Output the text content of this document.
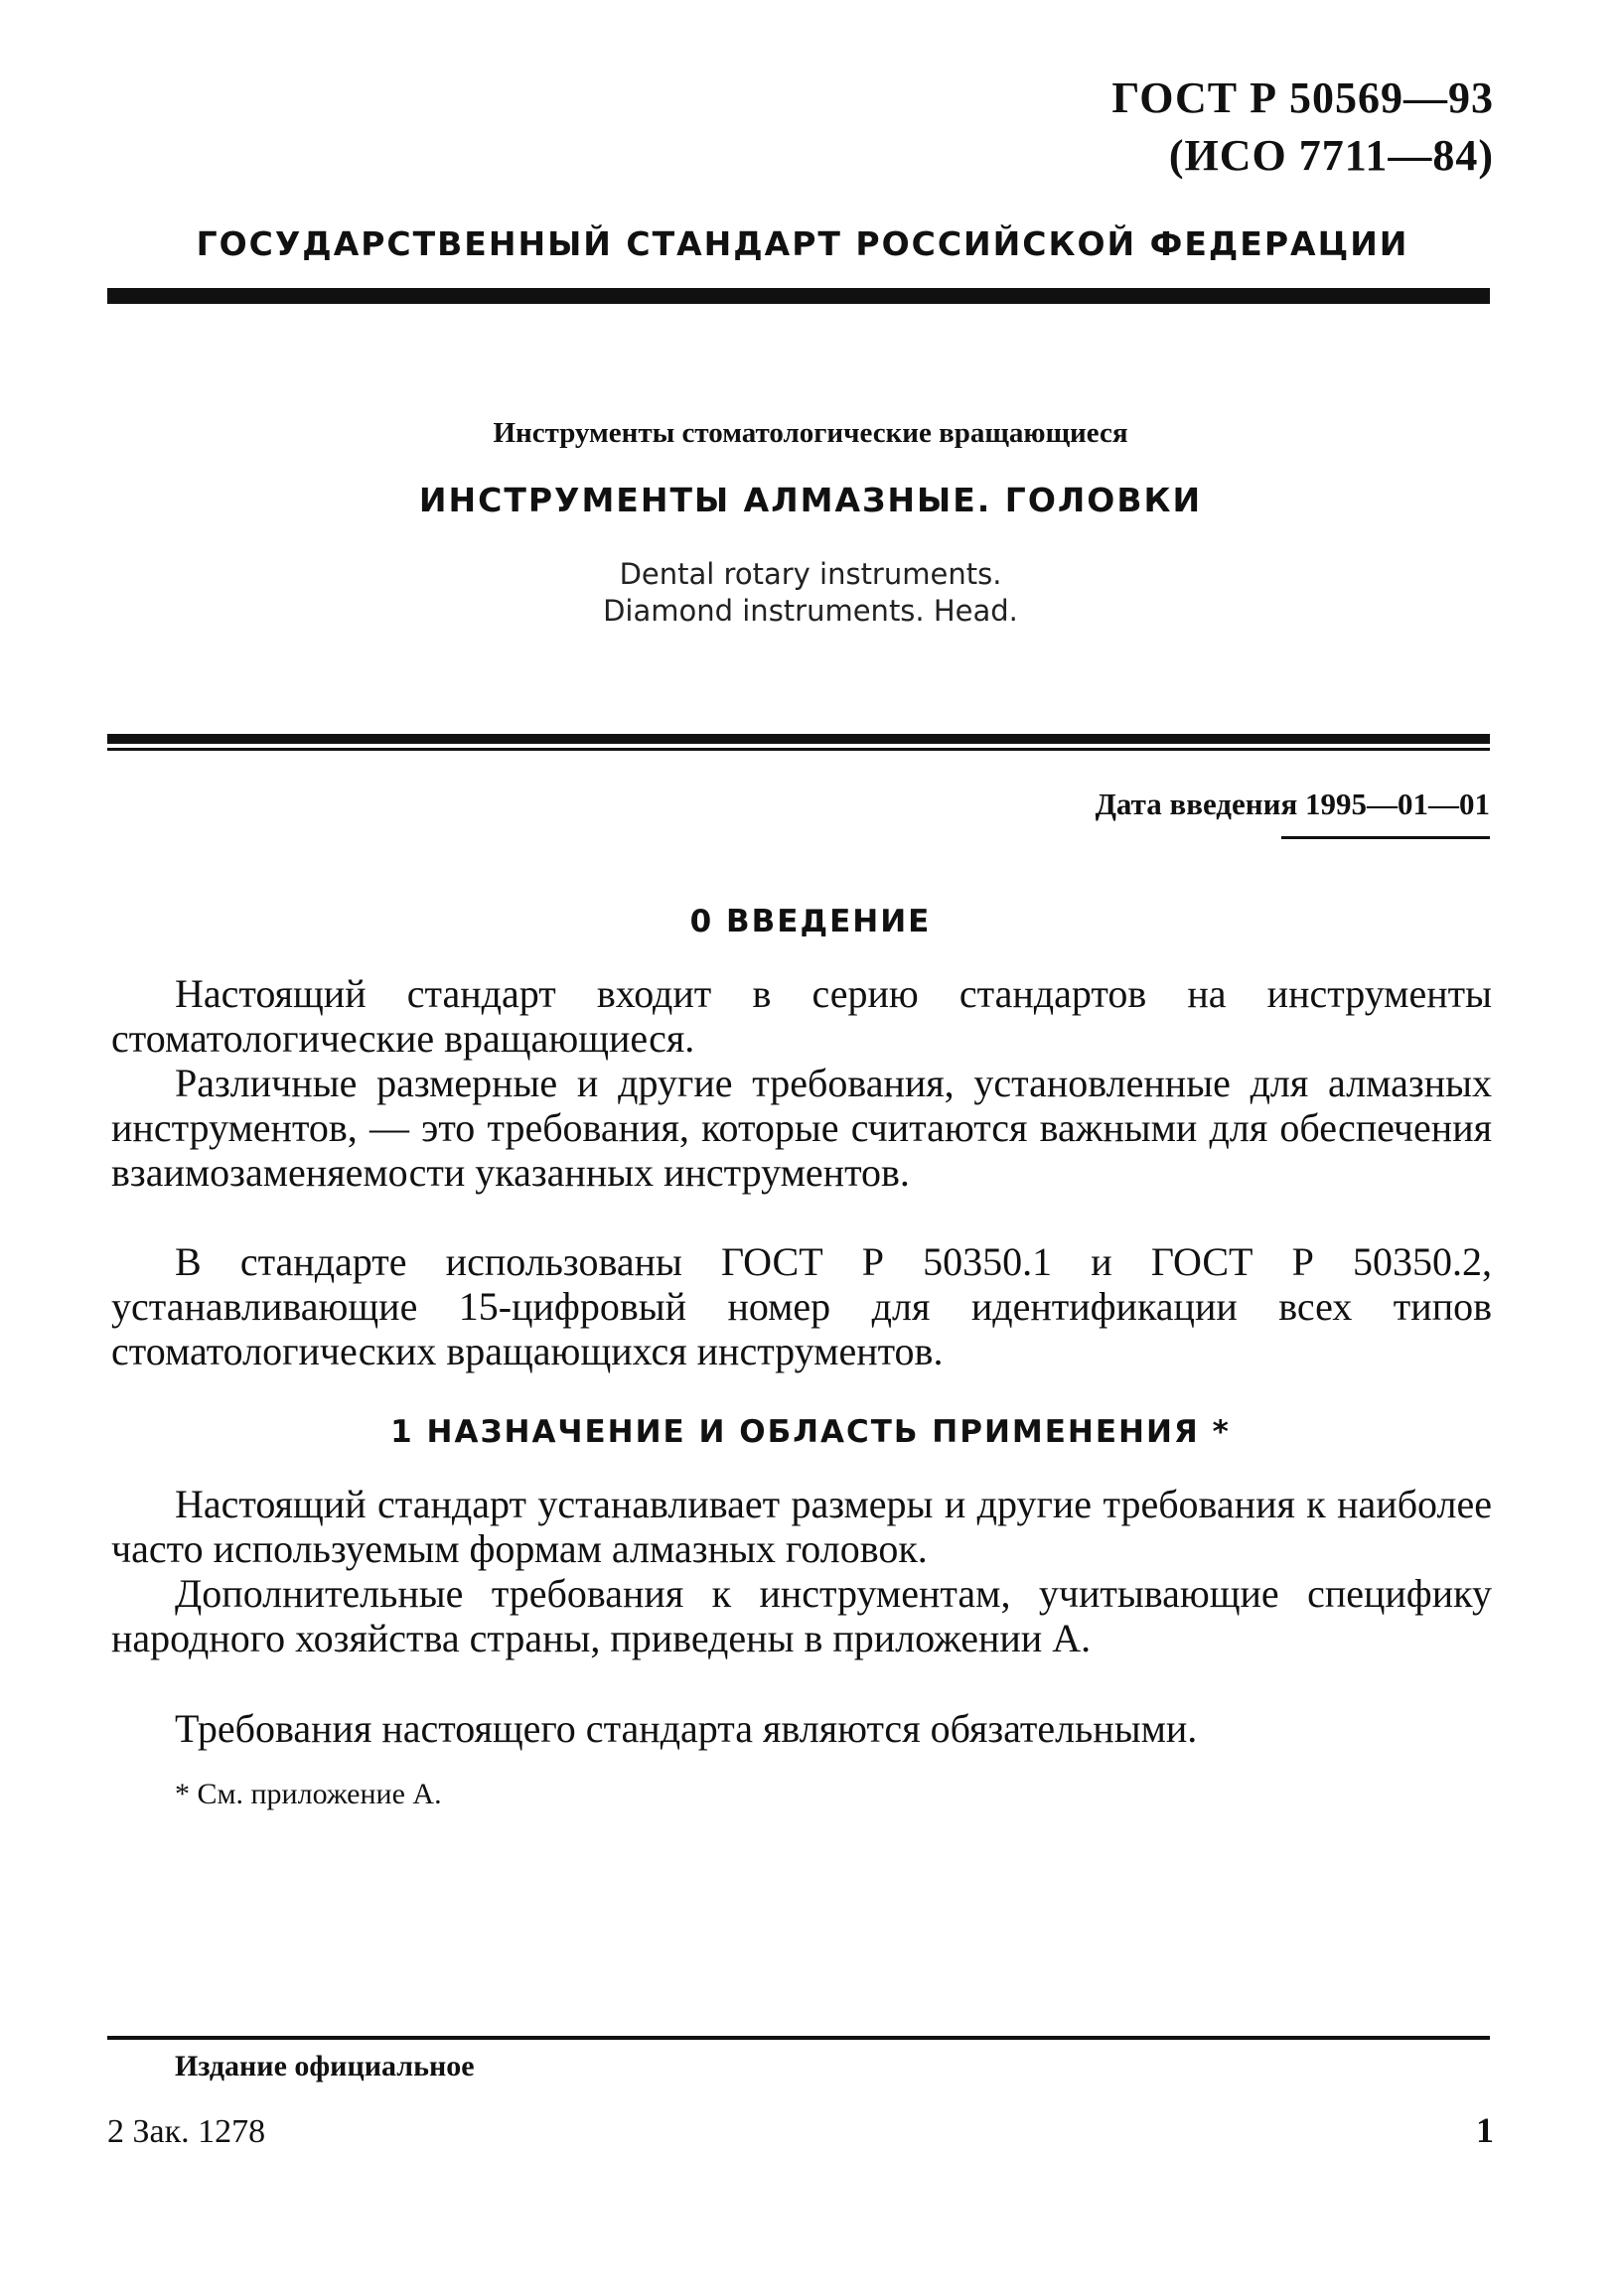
ГОСТ Р 50569—93
(ИСО 7711—84)
ГОСУДАРСТВЕННЫЙ СТАНДАРТ РОССИЙСКОЙ ФЕДЕРАЦИИ
Инструменты стоматологические вращающиеся
ИНСТРУМЕНТЫ АЛМАЗНЫЕ. ГОЛОВКИ
Dental rotary instruments.
Diamond instruments. Head.
Дата введения 1995—01—01
0 ВВЕДЕНИЕ
Настоящий стандарт входит в серию стандартов на инструменты стоматологические вращающиеся.
Различные размерные и другие требования, установленные для алмазных инструментов, — это требования, которые считаются важными для обеспечения взаимозаменяемости указанных инструментов.
В стандарте использованы ГОСТ Р 50350.1 и ГОСТ Р 50350.2, устанавливающие 15-цифровый номер для идентификации всех типов стоматологических вращающихся инструментов.
1 НАЗНАЧЕНИЕ И ОБЛАСТЬ ПРИМЕНЕНИЯ *
Настоящий стандарт устанавливает размеры и другие требования к наиболее часто используемым формам алмазных головок.
Дополнительные требования к инструментам, учитывающие специфику народного хозяйства страны, приведены в приложении А.
Требования настоящего стандарта являются обязательными.
* См. приложение А.
Издание официальное
2 Зак. 1278	1
